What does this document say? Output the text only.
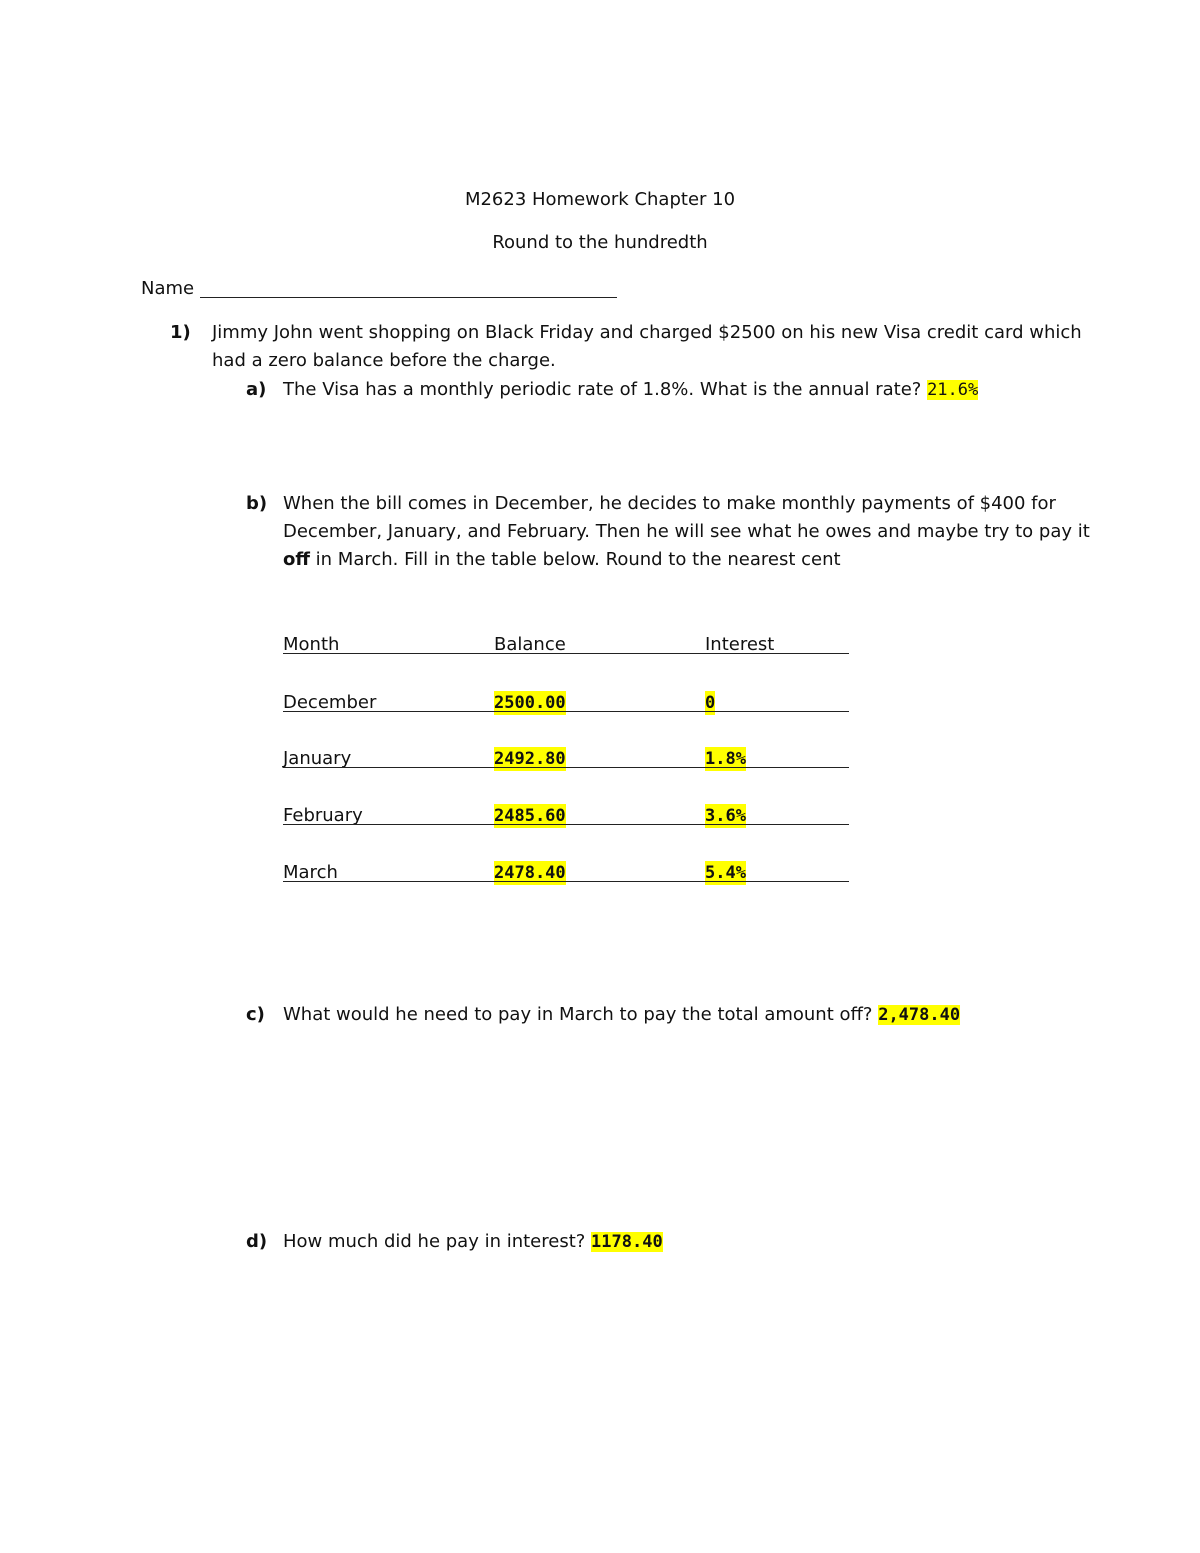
M2623 Homework Chapter 10
Round to the hundredth
Name
1) Jimmy John went shopping on Black Friday and charged $2500 on his new Visa credit card which
had a zero balance before the charge.
a) The Visa has a monthly periodic rate of 1.8%. What is the annual rate? 21.6%
b) When the bill comes in December, he decides to make monthly payments of $400 for
December, January, and February. Then he will see what he owes and maybe try to pay it
off in March. Fill in the table below. Round to the nearest cent
Month	Balance	Interest
December	2500.00	0
January	2492.80	1.8%
February	2485.60	3.6%
March	2478.40	5.4%
c) What would he need to pay in March to pay the total amount off? 2,478.40
d) How much did he pay in interest? 1178.40
